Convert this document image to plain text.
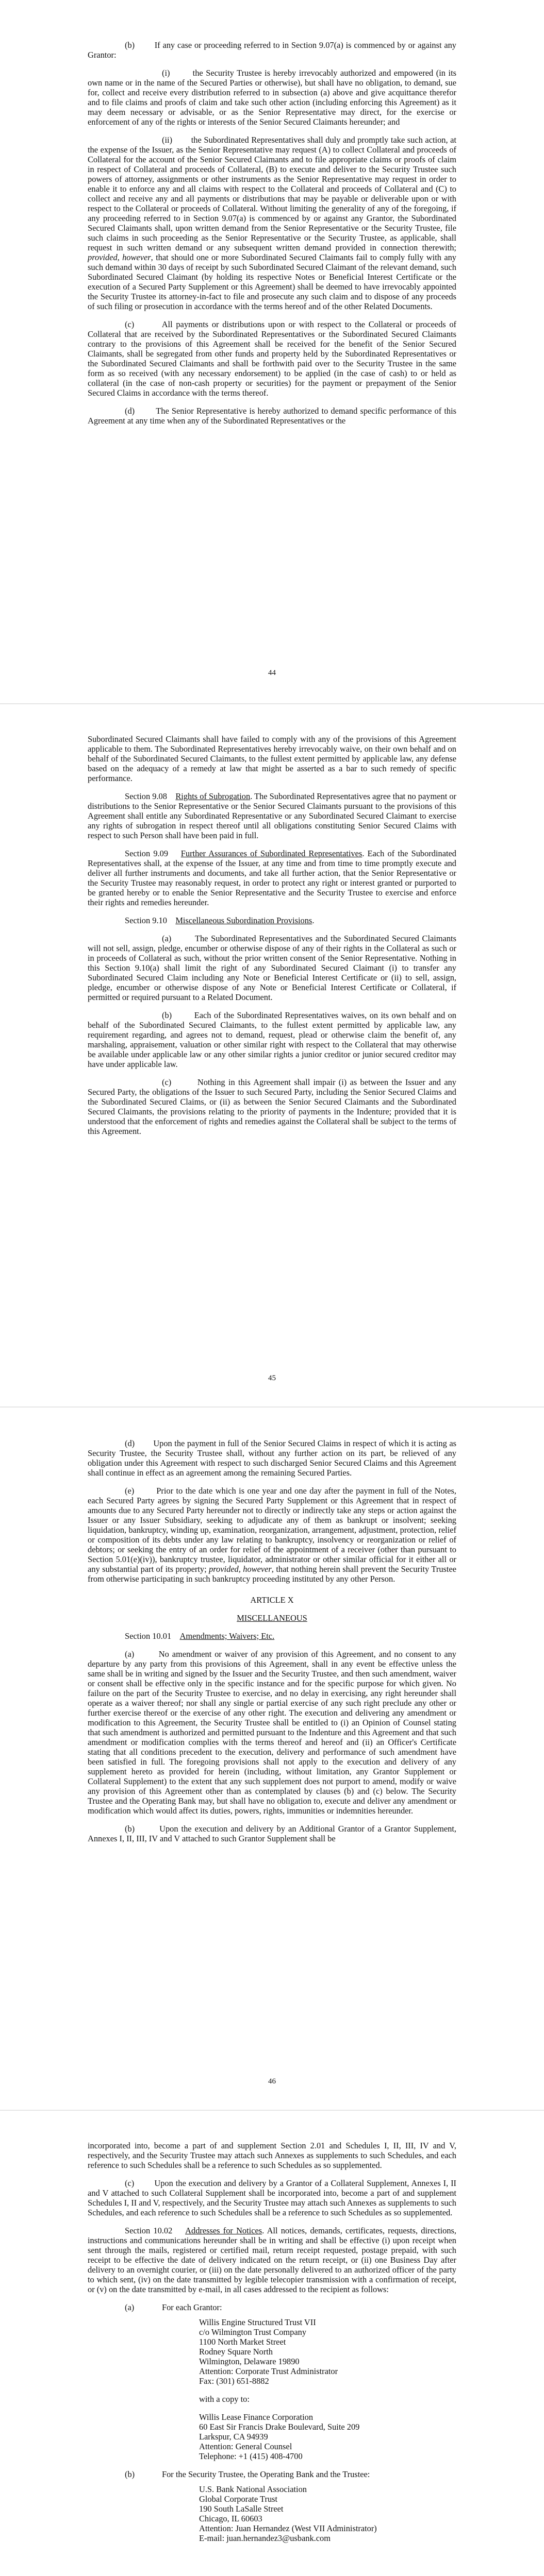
(b)        If any case or proceeding referred to in Section 9.07(a) is commenced by or against any Grantor:

(i)        the Security Trustee is hereby irrevocably authorized and empowered (in its own name or in the name of the Secured Parties or otherwise), but shall have no obligation, to demand, sue for, collect and receive every distribution referred to in subsection (a) above and give acquittance therefor and to file claims and proofs of claim and take such other action (including enforcing this Agreement) as it may deem necessary or advisable, or as the Senior Representative may direct, for the exercise or enforcement of any of the rights or interests of the Senior Secured Claimants hereunder; and

(ii)        the Subordinated Representatives shall duly and promptly take such action, at the expense of the Issuer, as the Senior Representative may request (A) to collect Collateral and proceeds of Collateral for the account of the Senior Secured Claimants and to file appropriate claims or proofs of claim in respect of Collateral and proceeds of Collateral, (B) to execute and deliver to the Security Trustee such powers of attorney, assignments or other instruments as the Senior Representative may request in order to enable it to enforce any and all claims with respect to the Collateral and proceeds of Collateral and (C) to collect and receive any and all payments or distributions that may be payable or deliverable upon or with respect to the Collateral or proceeds of Collateral. Without limiting the generality of any of the foregoing, if any proceeding referred to in Section 9.07(a) is commenced by or against any Grantor, the Subordinated Secured Claimants shall, upon written demand from the Senior Representative or the Security Trustee, file such claims in such proceeding as the Senior Representative or the Security Trustee, as applicable, shall request in such written demand or any subsequent written demand provided in connection therewith; provided, however, that should one or more Subordinated Secured Claimants fail to comply fully with any such demand within 30 days of receipt by such Subordinated Secured Claimant of the relevant demand, such Subordinated Secured Claimant (by holding its respective Notes or Beneficial Interest Certificate or the execution of a Secured Party Supplement or this Agreement) shall be deemed to have irrevocably appointed the Security Trustee its attorney-in-fact to file and prosecute any such claim and to dispose of any proceeds of such filing or prosecution in accordance with the terms hereof and of the other Related Documents.

(c)        All payments or distributions upon or with respect to the Collateral or proceeds of Collateral that are received by the Subordinated Representatives or the Subordinated Secured Claimants contrary to the provisions of this Agreement shall be received for the benefit of the Senior Secured Claimants, shall be segregated from other funds and property held by the Subordinated Representatives or the Subordinated Secured Claimants and shall be forthwith paid over to the Security Trustee in the same form as so received (with any necessary endorsement) to be applied (in the case of cash) to or held as collateral (in the case of non-cash property or securities) for the payment or prepayment of the Senior Secured Claims in accordance with the terms thereof.

(d)        The Senior Representative is hereby authorized to demand specific performance of this Agreement at any time when any of the Subordinated Representatives or the

44

Subordinated Secured Claimants shall have failed to comply with any of the provisions of this Agreement applicable to them. The Subordinated Representatives hereby irrevocably waive, on their own behalf and on behalf of the Subordinated Secured Claimants, to the fullest extent permitted by applicable law, any defense based on the adequacy of a remedy at law that might be asserted as a bar to such remedy of specific performance.

Section 9.08 Rights of Subrogation. The Subordinated Representatives agree that no payment or distributions to the Senior Representative or the Senior Secured Claimants pursuant to the provisions of this Agreement shall entitle any Subordinated Representative or any Subordinated Secured Claimant to exercise any rights of subrogation in respect thereof until all obligations constituting Senior Secured Claims with respect to such Person shall have been paid in full.

Section 9.09 Further Assurances of Subordinated Representatives. Each of the Subordinated Representatives shall, at the expense of the Issuer, at any time and from time to time promptly execute and deliver all further instruments and documents, and take all further action, that the Senior Representative or the Security Trustee may reasonably request, in order to protect any right or interest granted or purported to be granted hereby or to enable the Senior Representative and the Security Trustee to exercise and enforce their rights and remedies hereunder.

Section 9.10 Miscellaneous Subordination Provisions.

(a)        The Subordinated Representatives and the Subordinated Secured Claimants will not sell, assign, pledge, encumber or otherwise dispose of any of their rights in the Collateral as such or in proceeds of Collateral as such, without the prior written consent of the Senior Representative. Nothing in this Section 9.10(a) shall limit the right of any Subordinated Secured Claimant (i) to transfer any Subordinated Secured Claim including any Note or Beneficial Interest Certificate or (ii) to sell, assign, pledge, encumber or otherwise dispose of any Note or Beneficial Interest Certificate or Collateral, if permitted or required pursuant to a Related Document.

(b)        Each of the Subordinated Representatives waives, on its own behalf and on behalf of the Subordinated Secured Claimants, to the fullest extent permitted by applicable law, any requirement regarding, and agrees not to demand, request, plead or otherwise claim the benefit of, any marshaling, appraisement, valuation or other similar right with respect to the Collateral that may otherwise be available under applicable law or any other similar rights a junior creditor or junior secured creditor may have under applicable law.

(c)        Nothing in this Agreement shall impair (i) as between the Issuer and any Secured Party, the obligations of the Issuer to such Secured Party, including the Senior Secured Claims and the Subordinated Secured Claims, or (ii) as between the Senior Secured Claimants and the Subordinated Secured Claimants, the provisions relating to the priority of payments in the Indenture; provided that it is understood that the enforcement of rights and remedies against the Collateral shall be subject to the terms of this Agreement.

45

(d)        Upon the payment in full of the Senior Secured Claims in respect of which it is acting as Security Trustee, the Security Trustee shall, without any further action on its part, be relieved of any obligation under this Agreement with respect to such discharged Senior Secured Claims and this Agreement shall continue in effect as an agreement among the remaining Secured Parties.

(e)        Prior to the date which is one year and one day after the payment in full of the Notes, each Secured Party agrees by signing the Secured Party Supplement or this Agreement that in respect of amounts due to any Secured Party hereunder not to directly or indirectly take any steps or action against the Issuer or any Issuer Subsidiary, seeking to adjudicate any of them as bankrupt or insolvent; seeking liquidation, bankruptcy, winding up, examination, reorganization, arrangement, adjustment, protection, relief or composition of its debts under any law relating to bankruptcy, insolvency or reorganization or relief of debtors; or seeking the entry of an order for relief of the appointment of a receiver (other than pursuant to Section 5.01(e)(iv)), bankruptcy trustee, liquidator, administrator or other similar official for it either all or any substantial part of its property; provided, however, that nothing herein shall prevent the Security Trustee from otherwise participating in such bankruptcy proceeding instituted by any other Person.

ARTICLE X

MISCELLANEOUS

Section 10.01 Amendments; Waivers; Etc.

(a)        No amendment or waiver of any provision of this Agreement, and no consent to any departure by any party from this provisions of this Agreement, shall in any event be effective unless the same shall be in writing and signed by the Issuer and the Security Trustee, and then such amendment, waiver or consent shall be effective only in the specific instance and for the specific purpose for which given. No failure on the part of the Security Trustee to exercise, and no delay in exercising, any right hereunder shall operate as a waiver thereof; nor shall any single or partial exercise of any such right preclude any other or further exercise thereof or the exercise of any other right. The execution and delivering any amendment or modification to this Agreement, the Security Trustee shall be entitled to (i) an Opinion of Counsel stating that such amendment is authorized and permitted pursuant to the Indenture and this Agreement and that such amendment or modification complies with the terms thereof and hereof and (ii) an Officer's Certificate stating that all conditions precedent to the execution, delivery and performance of such amendment have been satisfied in full. The foregoing provisions shall not apply to the execution and delivery of any supplement hereto as provided for herein (including, without limitation, any Grantor Supplement or Collateral Supplement) to the extent that any such supplement does not purport to amend, modify or waive any provision of this Agreement other than as contemplated by clauses (b) and (c) below. The Security Trustee and the Operating Bank may, but shall have no obligation to, execute and deliver any amendment or modification which would affect its duties, powers, rights, immunities or indemnities hereunder.

(b)        Upon the execution and delivery by an Additional Grantor of a Grantor Supplement, Annexes I, II, III, IV and V attached to such Grantor Supplement shall be

46

incorporated into, become a part of and supplement Section 2.01 and Schedules I, II, III, IV and V, respectively, and the Security Trustee may attach such Annexes as supplements to such Schedules, and each reference to such Schedules shall be a reference to such Schedules as so supplemented.

(c)        Upon the execution and delivery by a Grantor of a Collateral Supplement, Annexes I, II and V attached to such Collateral Supplement shall be incorporated into, become a part of and supplement Schedules I, II and V, respectively, and the Security Trustee may attach such Annexes as supplements to such Schedules, and each reference to such Schedules shall be a reference to such Schedules as so supplemented.

Section 10.02 Addresses for Notices. All notices, demands, certificates, requests, directions, instructions and communications hereunder shall be in writing and shall be effective (i) upon receipt when sent through the mails, registered or certified mail, return receipt requested, postage prepaid, with such receipt to be effective the date of delivery indicated on the return receipt, or (ii) one Business Day after delivery to an overnight courier, or (iii) on the date personally delivered to an authorized officer of the party to which sent, (iv) on the date transmitted by legible telecopier transmission with a confirmation of receipt, or (v) on the date transmitted by e-mail, in all cases addressed to the recipient as follows:

(a)	For each Grantor:
Willis Engine Structured Trust VII
c/o Wilmington Trust Company
1100 North Market Street
Rodney Square North
Wilmington, Delaware 19890
Attention: Corporate Trust Administrator
Fax: (301) 651-8882
with a copy to:
Willis Lease Finance Corporation
60 East Sir Francis Drake Boulevard, Suite 209
Larkspur, CA 94939
Attention: General Counsel
Telephone: +1 (415) 408-4700
(b)	For the Security Trustee, the Operating Bank and the Trustee:
U.S. Bank National Association
Global Corporate Trust
190 South LaSalle Street
Chicago, IL 60603
Attention: Juan Hernandez (West VII Administrator)
E-mail: juan.hernandez3@usbank.com
